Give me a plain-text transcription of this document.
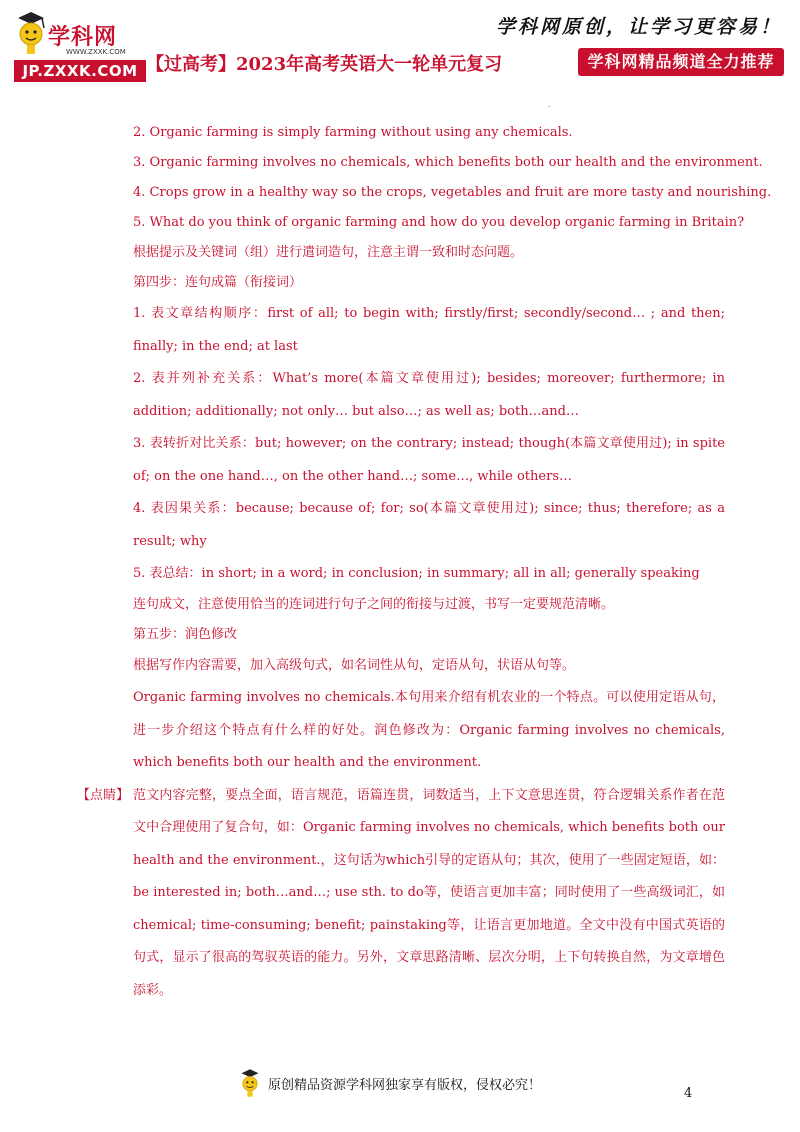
学科网
WWW.ZXXK.COM
JP.ZXXK.COM 【过高考】2023年高考英语大一轮单元复习
学科网原创，让学习更容易！
学科网精品频道全力推荐
.

2. Organic farming is simply farming without using any chemicals.

3. Organic farming involves no chemicals, which benefits both our health and the environment.

4. Crops grow in a healthy way so the crops, vegetables and fruit are more tasty and nourishing.

5. What do you think of organic farming and how do you develop organic farming in Britain?

根据提示及关键词（组）进行遣词造句，注意主谓一致和时态问题。

第四步：连句成篇（衔接词）

1. 表文章结构顺序：first of all; to begin with; firstly/first; secondly/second… ; and then; finally; in the end; at last

2. 表并列补充关系：What’s more(本篇文章使用过); besides; moreover; furthermore; in addition; additionally; not only… but also…; as well as; both…and…

3. 表转折对比关系：but; however; on the contrary; instead; though(本篇文章使用过); in spite of; on the one hand…, on the other hand…; some…, while others…

4. 表因果关系：because; because of; for; so(本篇文章使用过); since; thus; therefore; as a result; why

5. 表总结：in short; in a word; in conclusion; in summary; all in all; generally speaking

连句成文，注意使用恰当的连词进行句子之间的衔接与过渡，书写一定要规范清晰。

第五步：润色修改

根据写作内容需要，加入高级句式，如名词性从句，定语从句，状语从句等。

Organic farming involves no chemicals.本句用来介绍有机农业的一个特点。可以使用定语从句，进一步介绍这个特点有什么样的好处。润色修改为：Organic farming involves no chemicals, which benefits both our health and the environment.

【点睛】 范文内容完整，要点全面，语言规范，语篇连贯，词数适当，上下文意思连贯，符合逻辑关系作者在范文中合理使用了复合句，如：Organic farming involves no chemicals, which benefits both our health and the environment.，这句话为which引导的定语从句；其次，使用了一些固定短语，如：be interested in; both…and…; use sth. to do等，使语言更加丰富；同时使用了一些高级词汇，如chemical; time-consuming; benefit; painstaking等，让语言更加地道。全文中没有中国式英语的句式，显示了很高的驾驭英语的能力。另外，文章思路清晰、层次分明，上下句转换自然，为文章增色添彩。

原创精品资源学科网独家享有版权，侵权必究！
4
